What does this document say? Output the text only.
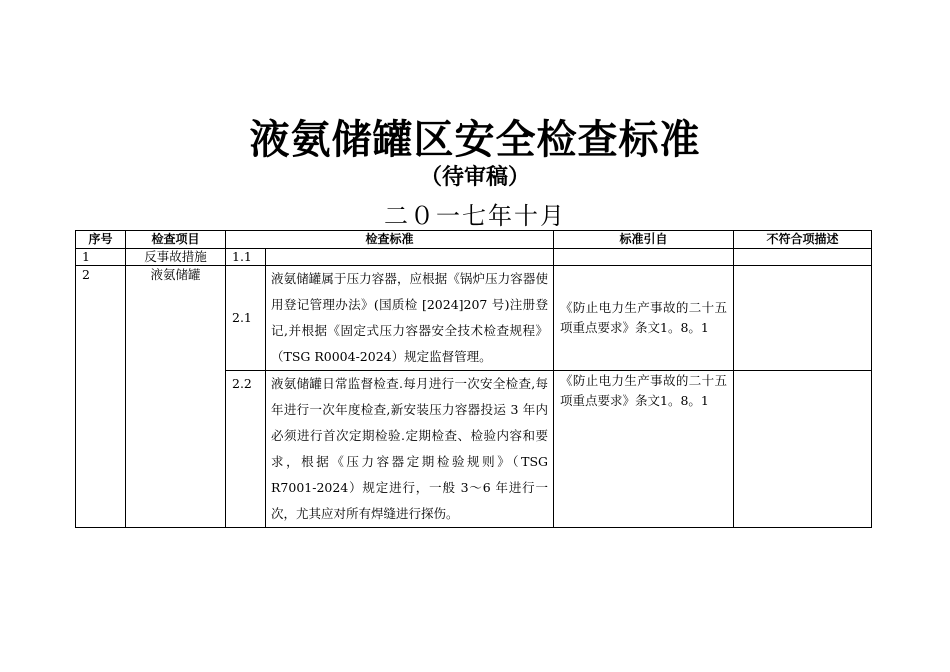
液氨储罐区安全检查标准
（待审稿）
二０一七年十月
序号	检查项目	检查标准		标准引自	不符合项描述
1	反事故措施	1.1			
2	液氨储罐	2.1	液氨储罐属于压力容器，应根据《锅炉压力容器使用登记管理办法》(国质检 [2024]207 号)注册登记,并根据《固定式压力容器安全技术检查规程》（TSG R0004-2024）规定监督管理。	《防止电力生产事故的二十五项重点要求》条文1。8。1	
		2.2	液氨储罐日常监督检查.每月进行一次安全检查,每年进行一次年度检查,新安装压力容器投运 3 年内必须进行首次定期检验.定期检查、检验内容和要求，根据《压力容器定期检验规则》（TSG R7001-2024）规定进行，一般 3～6 年进行一次，尤其应对所有焊缝进行探伤。	《防止电力生产事故的二十五项重点要求》条文1。8。1	
